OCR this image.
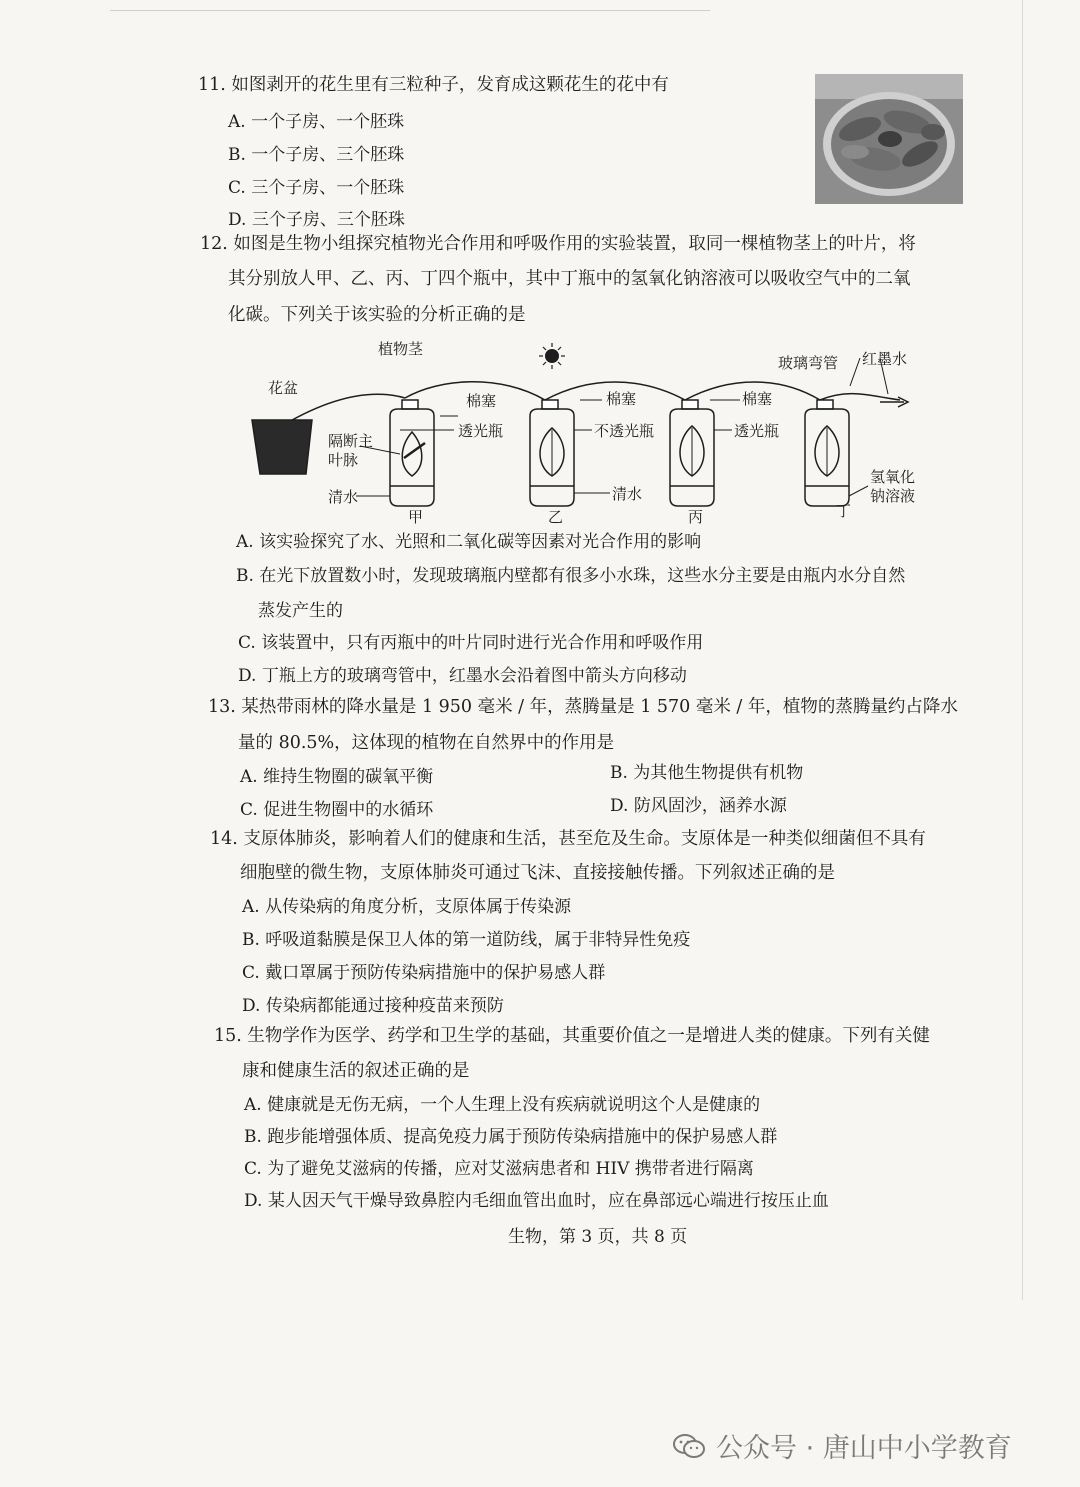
11. 如图剥开的花生里有三粒种子，发育成这颗花生的花中有
A. 一个子房、一个胚珠
B. 一个子房、三个胚珠
C. 三个子房、一个胚珠
D. 三个子房、三个胚珠
12. 如图是生物小组探究植物光合作用和呼吸作用的实验装置，取同一棵植物茎上的叶片，将
其分别放人甲、乙、丙、丁四个瓶中，其中丁瓶中的氢氧化钠溶液可以吸收空气中的二氧
化碳。下列关于该实验的分析正确的是
植物茎
花盆
玻璃弯管 红墨水
棉塞	棉塞	棉塞
透光瓶	不透光瓶	透光瓶
隔断主
叶脉
清水	清水
氢氧化
钠溶液
甲	乙	丙	丁
A. 该实验探究了水、光照和二氧化碳等因素对光合作用的影响
B. 在光下放置数小时，发现玻璃瓶内壁都有很多小水珠，这些水分主要是由瓶内水分自然
蒸发产生的
C. 该装置中，只有丙瓶中的叶片同时进行光合作用和呼吸作用
D. 丁瓶上方的玻璃弯管中，红墨水会沿着图中箭头方向移动
13. 某热带雨林的降水量是 1 950 毫米 / 年，蒸腾量是 1 570 毫米 / 年，植物的蒸腾量约占降水
量的 80.5%，这体现的植物在自然界中的作用是
A. 维持生物圈的碳氧平衡	B. 为其他生物提供有机物
C. 促进生物圈中的水循环	D. 防风固沙，涵养水源
14. 支原体肺炎，影响着人们的健康和生活，甚至危及生命。支原体是一种类似细菌但不具有
细胞壁的微生物，支原体肺炎可通过飞沫、直接接触传播。下列叙述正确的是
A. 从传染病的角度分析，支原体属于传染源
B. 呼吸道黏膜是保卫人体的第一道防线，属于非特异性免疫
C. 戴口罩属于预防传染病措施中的保护易感人群
D. 传染病都能通过接种疫苗来预防
15. 生物学作为医学、药学和卫生学的基础，其重要价值之一是增进人类的健康。下列有关健
康和健康生活的叙述正确的是
A. 健康就是无伤无病，一个人生理上没有疾病就说明这个人是健康的
B. 跑步能增强体质、提高免疫力属于预防传染病措施中的保护易感人群
C. 为了避免艾滋病的传播，应对艾滋病患者和 HIV 携带者进行隔离
D. 某人因天气干燥导致鼻腔内毛细血管出血时，应在鼻部远心端进行按压止血
生物，第 3 页，共 8 页
公众号 · 唐山中小学教育
